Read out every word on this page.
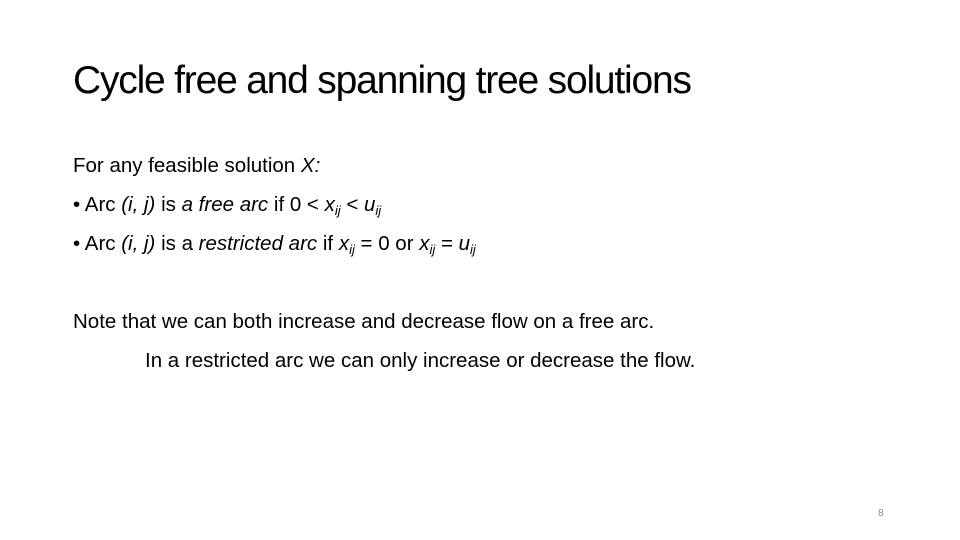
Cycle free and spanning tree solutions
For any feasible solution X:
• Arc (i, j) is a free arc if $0 < x_{ij} < u_{ij}$
• Arc (i, j) is a restricted arc if $x_{ij} = 0$ or $x_{ij} = u_{ij}$
Note that we can both increase and decrease flow on a free arc.
In a restricted arc we can only increase or decrease the flow.
8
